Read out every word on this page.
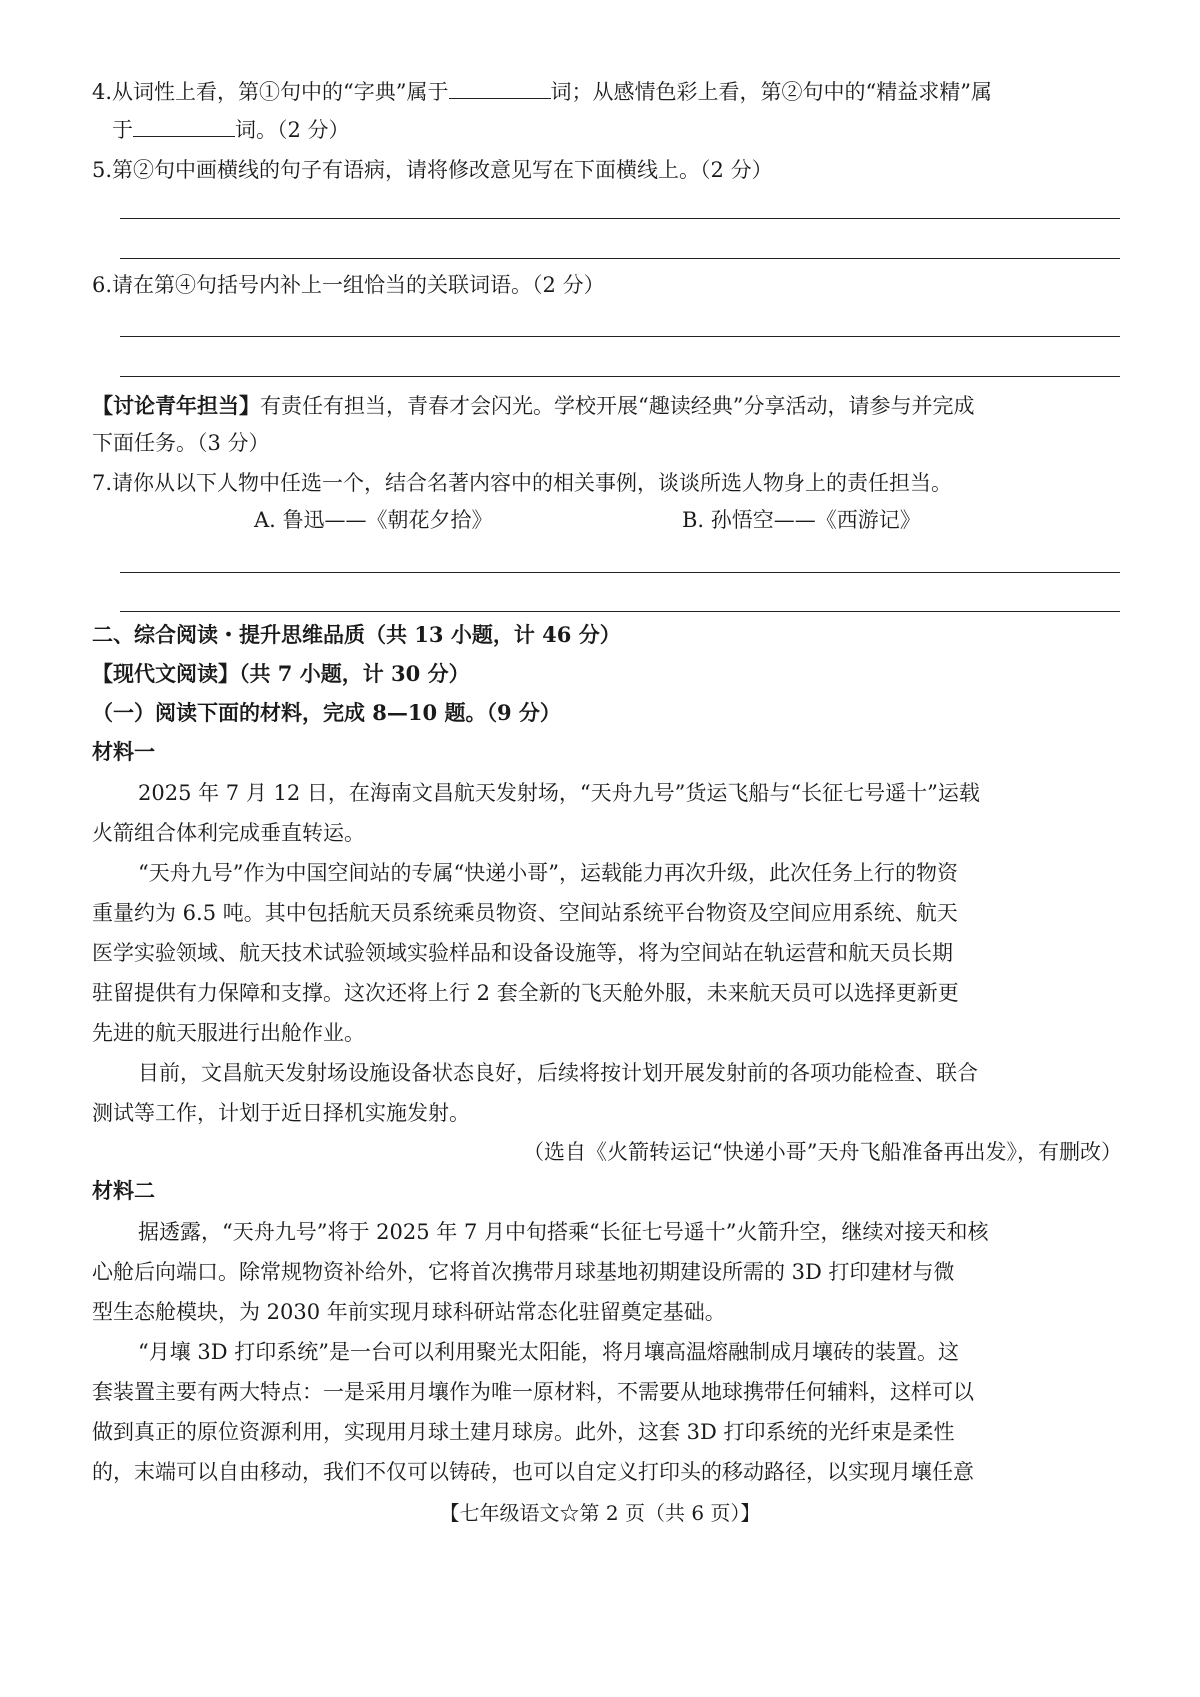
4.从词性上看，第①句中的“字典”属于	词；从感情色彩上看，第②句中的“精益求精”属
于	词。（2 分）
5.第②句中画横线的句子有语病，请将修改意见写在下面横线上。（2 分）
6.请在第④句括号内补上一组恰当的关联词语。（2 分）
【讨论青年担当】有责任有担当，青春才会闪光。学校开展“趣读经典”分享活动，请参与并完成
下面任务。（3 分）
7.请你从以下人物中任选一个，结合名著内容中的相关事例，谈谈所选人物身上的责任担当。
A. 鲁迅——《朝花夕拾》	B. 孙悟空——《西游记》
二、综合阅读・提升思维品质（共 13 小题，计 46 分）
【现代文阅读】（共 7 小题，计 30 分）
（一）阅读下面的材料，完成 8—10 题。（9 分）
材料一
2025 年 7 月 12 日，在海南文昌航天发射场，“天舟九号”货运飞船与“长征七号遥十”运载
火箭组合体利完成垂直转运。
“天舟九号”作为中国空间站的专属“快递小哥”，运载能力再次升级，此次任务上行的物资
重量约为 6.5 吨。其中包括航天员系统乘员物资、空间站系统平台物资及空间应用系统、航天
医学实验领域、航天技术试验领域实验样品和设备设施等，将为空间站在轨运营和航天员长期
驻留提供有力保障和支撑。这次还将上行 2 套全新的飞天舱外服，未来航天员可以选择更新更
先进的航天服进行出舱作业。
目前，文昌航天发射场设施设备状态良好，后续将按计划开展发射前的各项功能检查、联合
测试等工作，计划于近日择机实施发射。
（选自《火箭转运记“快递小哥”天舟飞船准备再出发》，有删改）
材料二
据透露，“天舟九号”将于 2025 年 7 月中旬搭乘“长征七号遥十”火箭升空，继续对接天和核
心舱后向端口。除常规物资补给外，它将首次携带月球基地初期建设所需的 3D 打印建材与微
型生态舱模块，为 2030 年前实现月球科研站常态化驻留奠定基础。
“月壤 3D 打印系统”是一台可以利用聚光太阳能，将月壤高温熔融制成月壤砖的装置。这
套装置主要有两大特点：一是采用月壤作为唯一原材料，不需要从地球携带任何辅料，这样可以
做到真正的原位资源利用，实现用月球土建月球房。此外，这套 3D 打印系统的光纤束是柔性
的，末端可以自由移动，我们不仅可以铸砖，也可以自定义打印头的移动路径，以实现月壤任意
【七年级语文☆第 2 页（共 6 页）】
